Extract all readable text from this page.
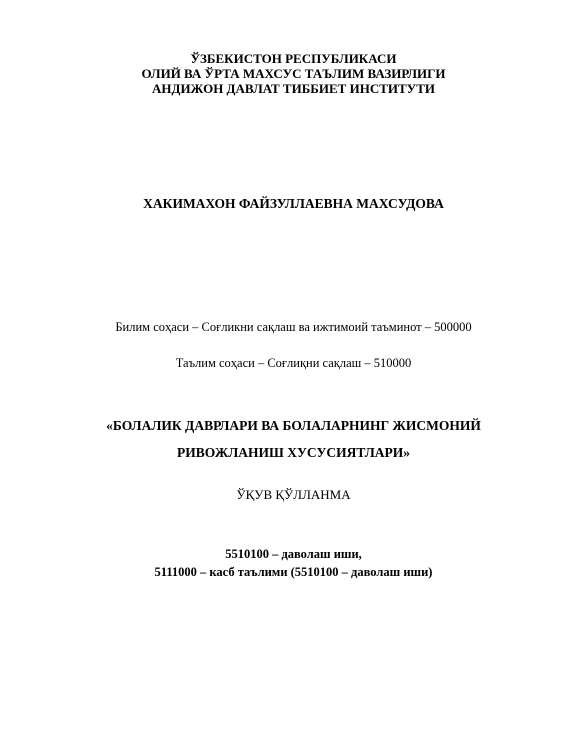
ЎЗБЕКИСТОН РЕСПУБЛИКАСИ
ОЛИЙ ВА ЎРТА МАХСУС ТАЪЛИМ ВАЗИРЛИГИ
АНДИЖОН ДАВЛАТ ТИББИЕТ ИНСТИТУТИ
ХАКИМАХОН ФАЙЗУЛЛАЕВНА МАХСУДОВА
Билим соҳаси – Соғликни сақлаш ва ижтимоий таъминот – 500000
Таълим соҳаси – Соғлиқни сақлаш – 510000
«БОЛАЛИК ДАВРЛАРИ ВА БОЛАЛАРНИНГ ЖИСМОНИЙ
РИВОЖЛАНИШ ХУСУСИЯТЛАРИ»
ЎҚУВ ҚЎЛЛАНМА
5510100 – даволаш иши,
5111000 – касб таълими (5510100 – даволаш иши)
